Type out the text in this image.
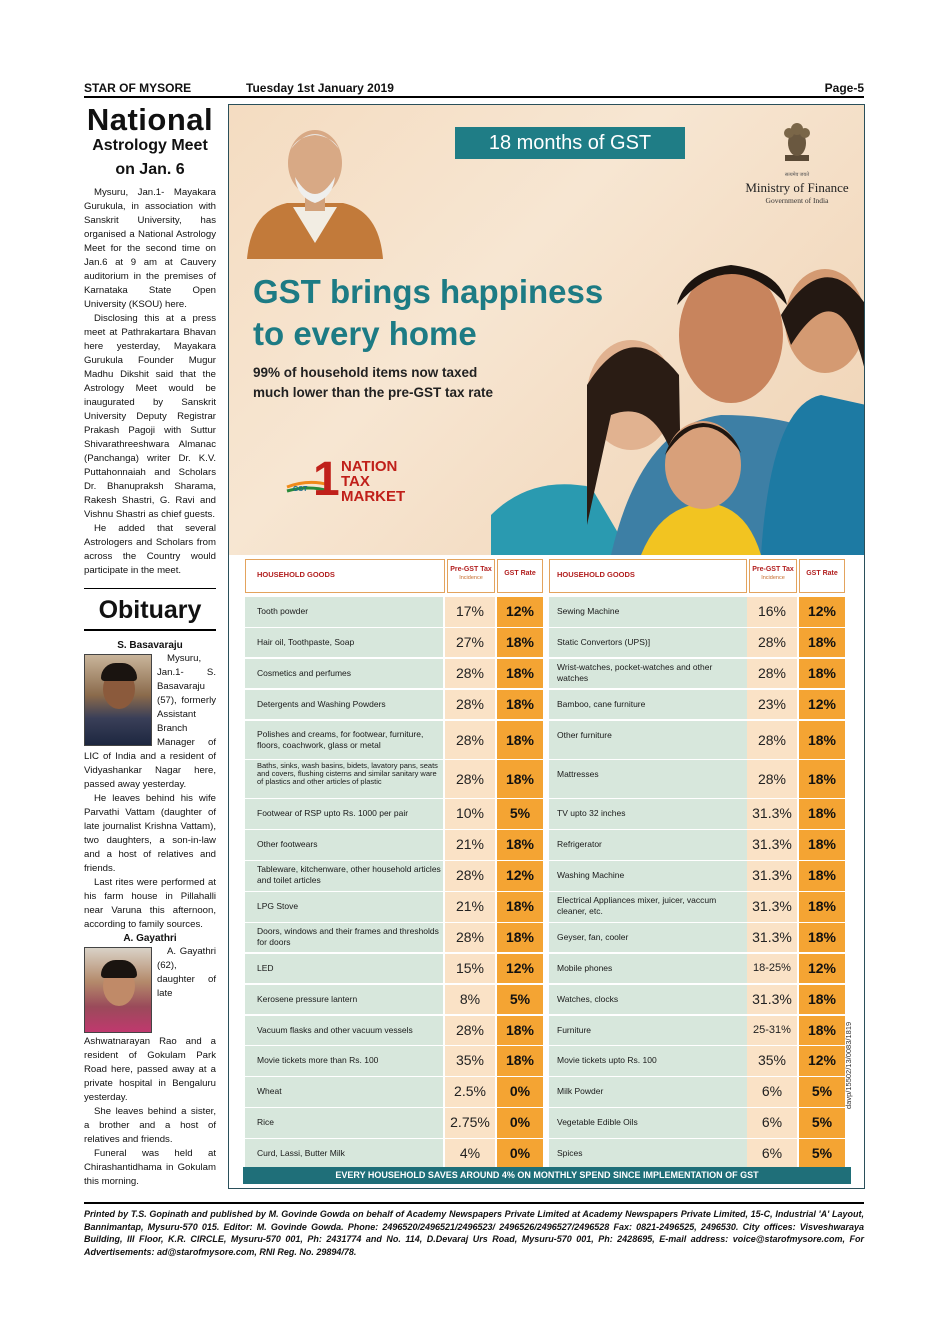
STAR OF MYSORE	Tuesday 1st January 2019	Page-5
National
Astrology Meet
on Jan. 6

Mysuru, Jan.1- Mayakara Gurukula, in association with Sanskrit University, has organised a National Astrology Meet for the second time on Jan.6 at 9 am at Cauvery auditorium in the premises of Karnataka State Open University (KSOU) here.

Disclosing this at a press meet at Pathrakartara Bhavan here yesterday, Mayakara Gurukula Founder Mugur Madhu Dikshit said that the Astrology Meet would be inaugurated by Sanskrit University Deputy Registrar Prakash Pagoji with Suttur Shivarathreeshwara Almanac (Panchanga) writer Dr. K.V. Puttahonnaiah and Scholars Dr. Bhanupraksh Sharama, Rakesh Shastri, G. Ravi and Vishnu Shastri as chief guests.

He added that several Astrologers and Scholars from across the Country would participate in the meet.

Obituary
S. Basavaraju

Mysuru, Jan.1- S. Basavaraju (57), formerly Assistant Branch Manager of LIC of India and a resident of Vidyashankar Nagar here, passed away yesterday.

He leaves behind his wife Parvathi Vattam (daughter of late journalist Krishna Vattam), two daughters, a son-in-law and a host of relatives and friends.

Last rites were performed at his farm house in Pillahalli near Varuna this afternoon, according to family sources.

A. Gayathri

A. Gayathri (62), daughter of late Ashwatnarayan Rao and a resident of Gokulam Park Road here, passed away at a private hospital in Bengaluru yesterday.

She leaves behind a sister, a brother and a host of relatives and friends.

Funeral was held at Chirashantidhama in Gokulam this morning.

18 months of GST
सत्यमेव जयते
Ministry of Finance
Government of India
GST brings happiness
to every home
99% of household items now taxed
much lower than the pre-GST tax rate
1
GST
NATION
TAX
MARKET
HOUSEHOLD GOODS
Pre-GST Tax
Incidence
GST Rate	HOUSEHOLD GOODS
Pre-GST Tax
Incidence
GST Rate
Tooth powder	17%	12%	Sewing Machine	16%	12%
Hair oil, Toothpaste, Soap	27%	18%	Static Convertors (UPS)]	28%	18%
Cosmetics and perfumes	28%	18%	Wrist-watches, pocket-watches and other watches	28%	18%
Detergents and Washing Powders	28%	18%	Bamboo, cane furniture	23%	12%
Polishes and creams, for footwear, furniture, floors, coachwork, glass or metal	28%	18%	Other furniture	28%	18%
Baths, sinks, wash basins, bidets, lavatory pans, seats and covers, flushing cisterns and similar sanitary ware of plastics and other articles of plastic	28%	18%	Mattresses	28%	18%
Footwear of RSP upto Rs. 1000 per pair	10%	5%	TV upto 32 inches	31.3%	18%
Other footwears	21%	18%	Refrigerator	31.3%	18%
Tableware, kitchenware, other household articles and toilet articles	28%	12%	Washing Machine	31.3%	18%
LPG Stove	21%	18%	Electrical Appliances mixer, juicer, vaccum cleaner, etc.	31.3%	18%
Doors, windows and their frames and thresholds for doors	28%	18%	Geyser, fan, cooler	31.3%	18%
LED	15%	12%	Mobile phones	18-25%	12%
Kerosene pressure lantern	8%	5%	Watches, clocks	31.3%	18%
Vacuum flasks and other vacuum vessels	28%	18%	Furniture	25-31%	18%
Movie tickets more than Rs. 100	35%	18%	Movie tickets upto Rs. 100	35%	12%
Wheat	2.5%	0%	Milk Powder	6%	5%
Rice	2.75%	0%	Vegetable Edible Oils	6%	5%
Curd, Lassi, Butter Milk	4%	0%	Spices	6%	5%
EVERY HOUSEHOLD SAVES AROUND 4% ON MONTHLY SPEND SINCE IMPLEMENTATION OF GST
davp/15502/13/0083/1819
Printed by T.S. Gopinath and published by M. Govinde Gowda on behalf of Academy Newspapers Private Limited at Academy Newspapers Private Limited, 15-C, Industrial 'A' Layout, Bannimantap, Mysuru-570 015. Editor: M. Govinde Gowda. Phone: 2496520/2496521/2496523/ 2496526/2496527/2496528 Fax: 0821-2496525, 2496530. City offices: Visveshwaraya Building, III Floor, K.R. CIRCLE, Mysuru-570 001, Ph: 2431774 and No. 114, D.Devaraj Urs Road, Mysuru-570 001, Ph: 2428695, E-mail address: voice@starofmysore.com, For Advertisements: ad@starofmysore.com, RNI Reg. No. 29894/78.
